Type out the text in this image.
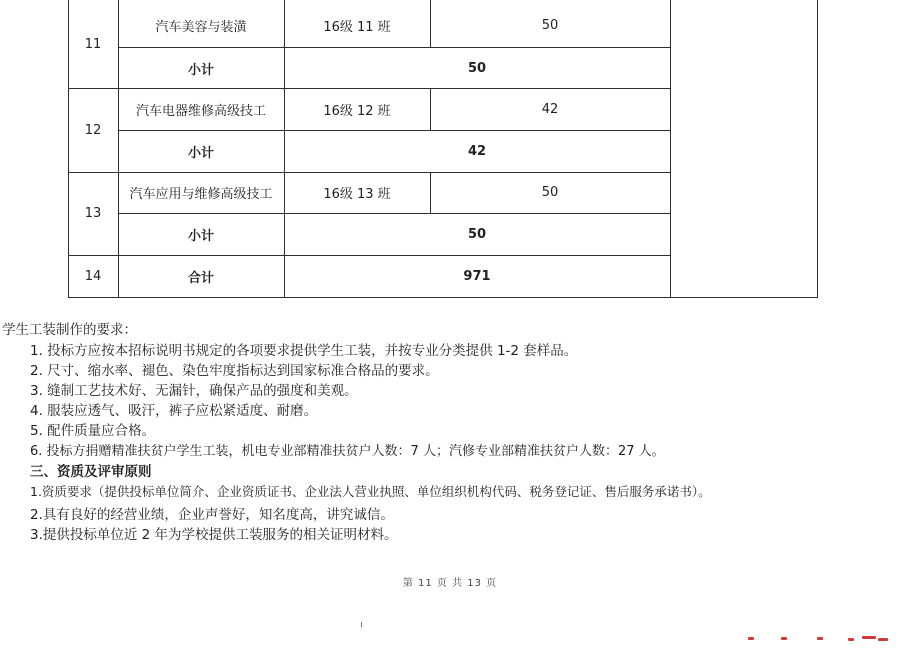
11
汽车美容与装潢	16级 11 班	50
小计	50
12
汽车电器维修高级技工	16级 12 班	42
小计	42
13
汽车应用与维修高级技工	16级 13 班	50
小计	50
14	合计	971
学生工装制作的要求：
1. 投标方应按本招标说明书规定的各项要求提供学生工装，并按专业分类提供 1-2 套样品。
2. 尺寸、缩水率、褪色、染色牢度指标达到国家标准合格品的要求。
3. 缝制工艺技术好、无漏针，确保产品的强度和美观。
4. 服装应透气、吸汗，裤子应松紧适度、耐磨。
5. 配件质量应合格。
6. 投标方捐赠精准扶贫户学生工装，机电专业部精准扶贫户人数：7 人；汽修专业部精准扶贫户人数：27 人。
三、资质及评审原则
1.资质要求（提供投标单位简介、企业资质证书、企业法人营业执照、单位组织机构代码、税务登记证、售后服务承诺书）。
2.具有良好的经营业绩，企业声誉好，知名度高，讲究诚信。
3.提供投标单位近 2 年为学校提供工装服务的相关证明材料。
第 11 页 共 13 页
